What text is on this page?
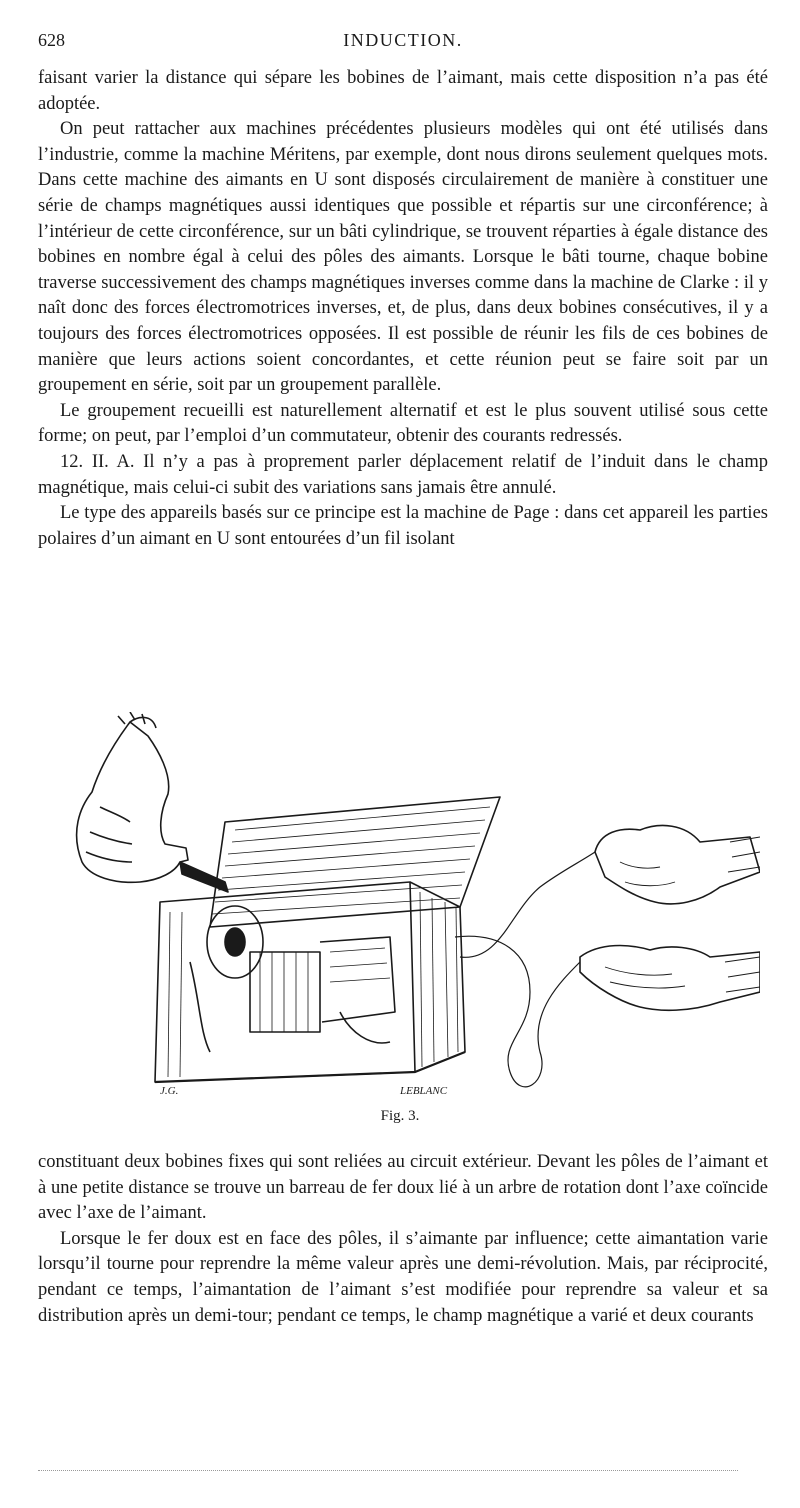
628	INDUCTION.

faisant varier la distance qui sépare les bobines de l’aimant, mais cette disposition n’a pas été adoptée.

On peut rattacher aux machines précédentes plusieurs modèles qui ont été utilisés dans l’industrie, comme la machine Méritens, par exemple, dont nous dirons seulement quelques mots. Dans cette machine des aimants en U sont disposés circulairement de manière à constituer une série de champs magnétiques aussi identiques que possible et répartis sur une circonférence; à l’intérieur de cette circonférence, sur un bâti cylindrique, se trouvent réparties à égale distance des bobines en nombre égal à celui des pôles des aimants. Lorsque le bâti tourne, chaque bobine traverse successivement des champs magnétiques inverses comme dans la machine de Clarke : il y naît donc des forces électromotrices inverses, et, de plus, dans deux bobines consécutives, il y a toujours des forces électromotrices opposées. Il est possible de réunir les fils de ces bobines de manière que leurs actions soient concordantes, et cette réunion peut se faire soit par un groupement en série, soit par un groupement parallèle.

Le groupement recueilli est naturellement alternatif et est le plus souvent utilisé sous cette forme; on peut, par l’emploi d’un commutateur, obtenir des courants redressés.

12. II. A. Il n’y a pas à proprement parler déplacement relatif de l’induit dans le champ magnétique, mais celui-ci subit des variations sans jamais être annulé.

Le type des appareils basés sur ce principe est la machine de Page : dans cet appareil les parties polaires d’un aimant en U sont entourées d’un fil isolant

J.G.	LEBLANC
Fig. 3.

constituant deux bobines fixes qui sont reliées au circuit extérieur. Devant les pôles de l’aimant et à une petite distance se trouve un barreau de fer doux lié à un arbre de rotation dont l’axe coïncide avec l’axe de l’aimant.

Lorsque le fer doux est en face des pôles, il s’aimante par influence; cette aimantation varie lorsqu’il tourne pour reprendre la même valeur après une demi-révolution. Mais, par réciprocité, pendant ce temps, l’aimantation de l’aimant s’est modifiée pour reprendre sa valeur et sa distribution après un demi-tour; pendant ce temps, le champ magnétique a varié et deux courants
